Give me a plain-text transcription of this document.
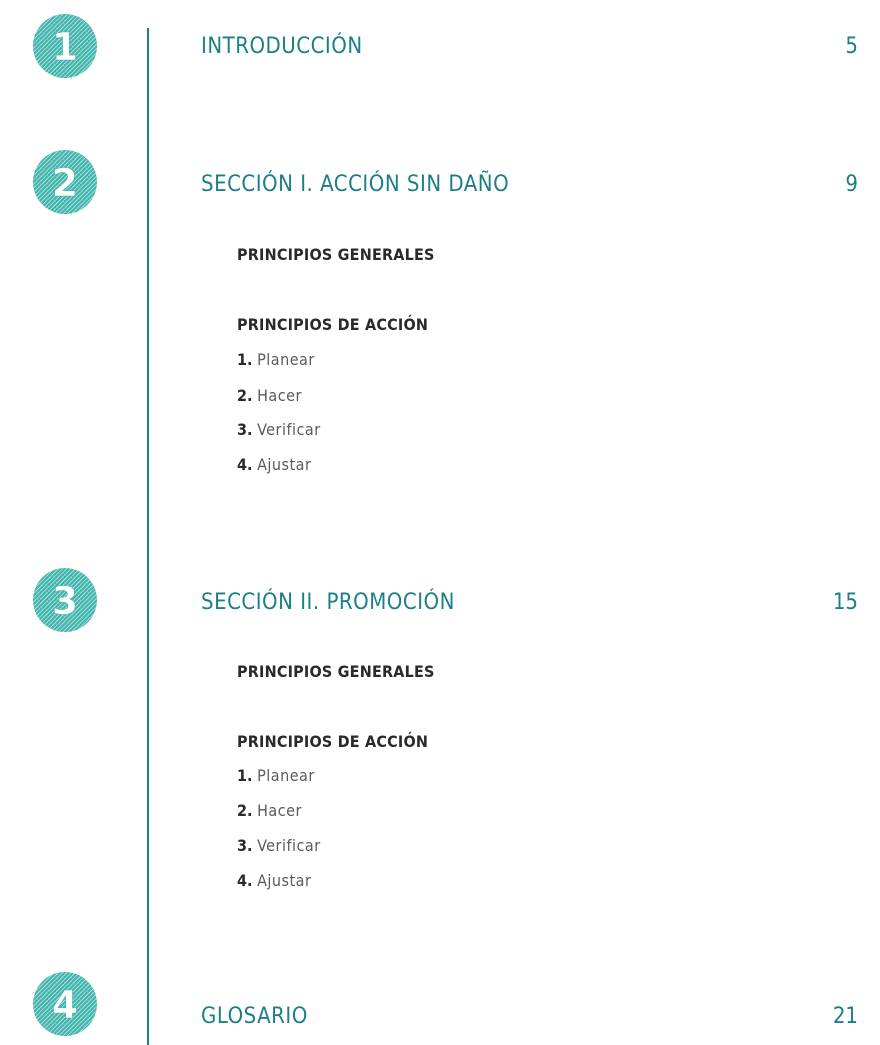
1	INTRODUCCIÓN	5
2	SECCIÓN I. ACCIÓN SIN DAÑO	9
PRINCIPIOS GENERALES
PRINCIPIOS DE ACCIÓN
1. Planear
2. Hacer
3. Verificar
4. Ajustar
3	SECCIÓN II. PROMOCIÓN	15
PRINCIPIOS GENERALES
PRINCIPIOS DE ACCIÓN
1. Planear
2. Hacer
3. Verificar
4. Ajustar
4	GLOSARIO	21
